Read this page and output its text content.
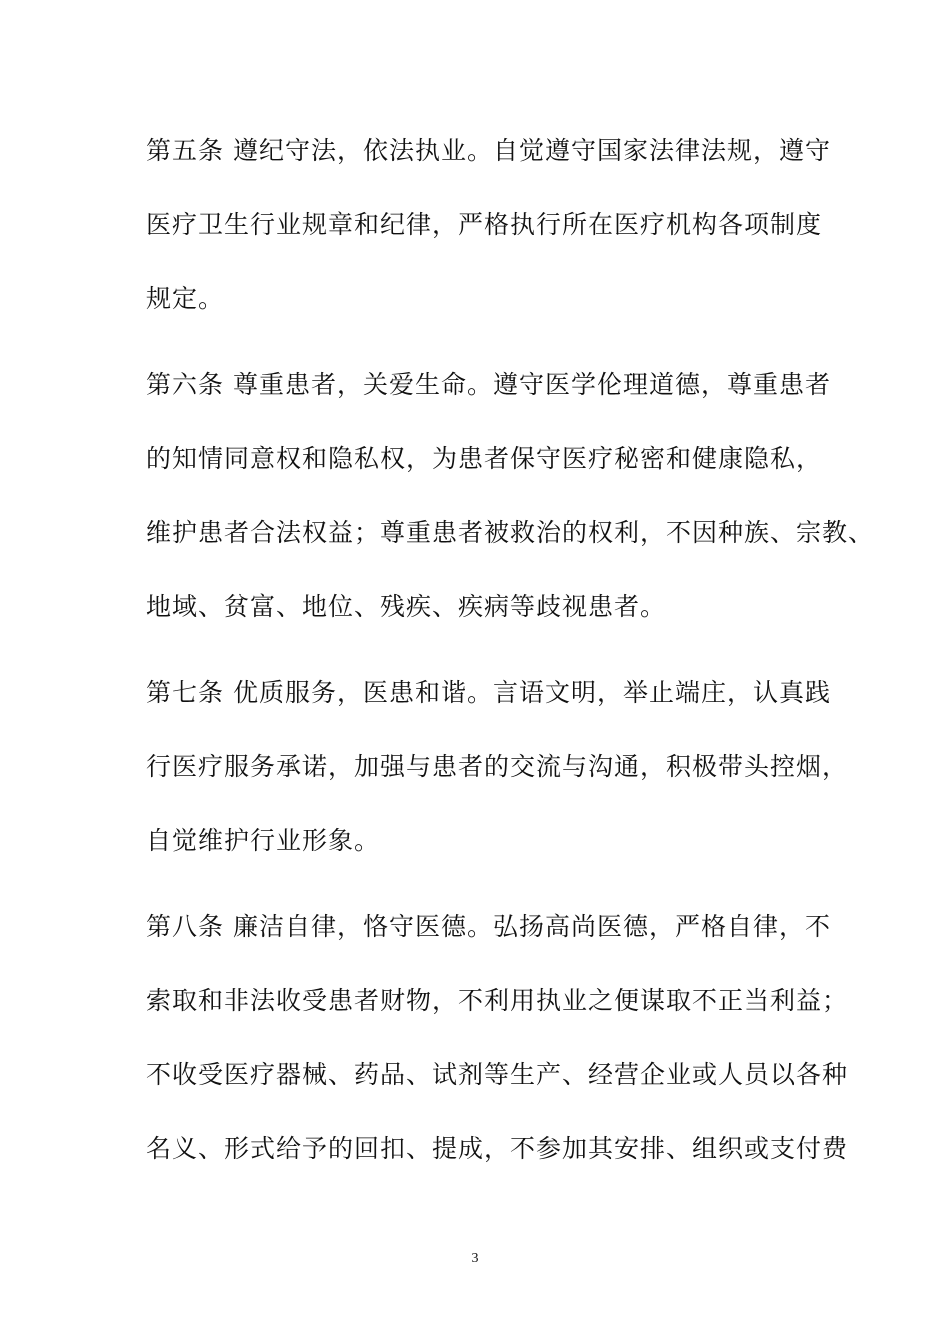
第五条 遵纪守法，依法执业。自觉遵守国家法律法规，遵守
医疗卫生行业规章和纪律，严格执行所在医疗机构各项制度
规定。
第六条 尊重患者，关爱生命。遵守医学伦理道德，尊重患者
的知情同意权和隐私权，为患者保守医疗秘密和健康隐私，
维护患者合法权益；尊重患者被救治的权利，不因种族、宗教、
地域、贫富、地位、残疾、疾病等歧视患者。
第七条 优质服务，医患和谐。言语文明，举止端庄，认真践
行医疗服务承诺，加强与患者的交流与沟通，积极带头控烟，
自觉维护行业形象。
第八条 廉洁自律，恪守医德。弘扬高尚医德，严格自律，不
索取和非法收受患者财物，不利用执业之便谋取不正当利益；
不收受医疗器械、药品、试剂等生产、经营企业或人员以各种
名义、形式给予的回扣、提成，不参加其安排、组织或支付费
3
